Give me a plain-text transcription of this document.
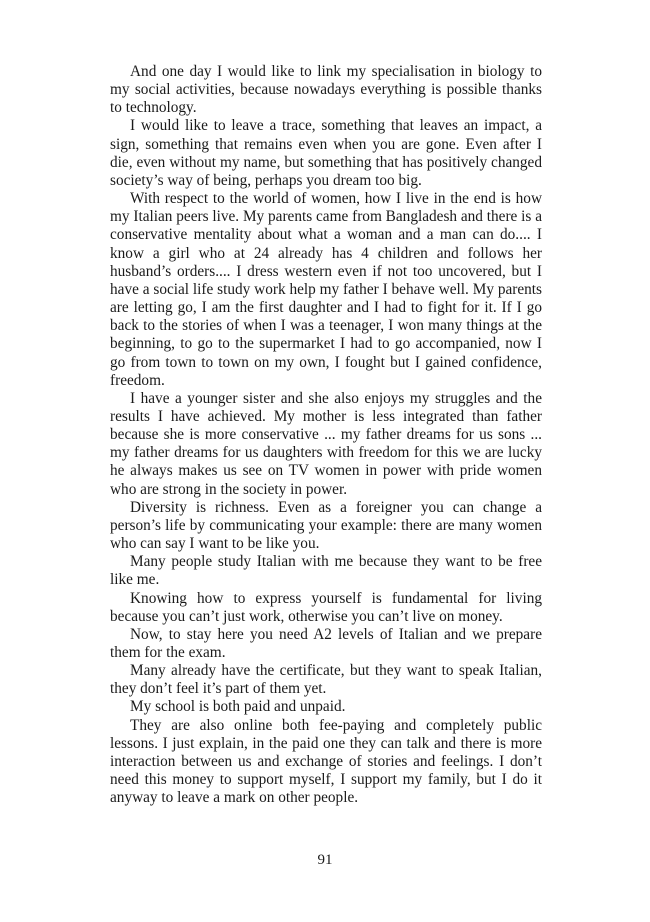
And one day I would like to link my specialisation in biology to my social activities, because nowadays everything is possible thanks to technology.

I would like to leave a trace, something that leaves an impact, a sign, something that remains even when you are gone. Even after I die, even without my name, but something that has positively changed society’s way of being, perhaps you dream too big.

With respect to the world of women, how I live in the end is how my Italian peers live. My parents came from Bangladesh and there is a conservative mentality about what a woman and a man can do.... I know a girl who at 24 already has 4 children and follows her husband’s orders.... I dress western even if not too uncovered, but I have a social life study work help my father I behave well. My parents are letting go, I am the first daughter and I had to fight for it. If I go back to the stories of when I was a teenager, I won many things at the beginning, to go to the supermarket I had to go accompanied, now I go from town to town on my own, I fought but I gained confidence, freedom.

I have a younger sister and she also enjoys my struggles and the results I have achieved. My mother is less integrated than father because she is more conservative ... my father dreams for us sons ... my father dreams for us daughters with freedom for this we are lucky he always makes us see on TV women in power with pride women who are strong in the society in power.

Diversity is richness. Even as a foreigner you can change a person’s life by communicating your example: there are many women who can say I want to be like you.

Many people study Italian with me because they want to be free like me.

Knowing how to express yourself is fundamental for living because you can’t just work, otherwise you can’t live on money.

Now, to stay here you need A2 levels of Italian and we prepare them for the exam.

Many already have the certificate, but they want to speak Italian, they don’t feel it’s part of them yet.

My school is both paid and unpaid.

They are also online both fee-paying and completely public lessons. I just explain, in the paid one they can talk and there is more interaction between us and exchange of stories and feelings. I don’t need this money to support myself, I support my family, but I do it anyway to leave a mark on other people.

91
